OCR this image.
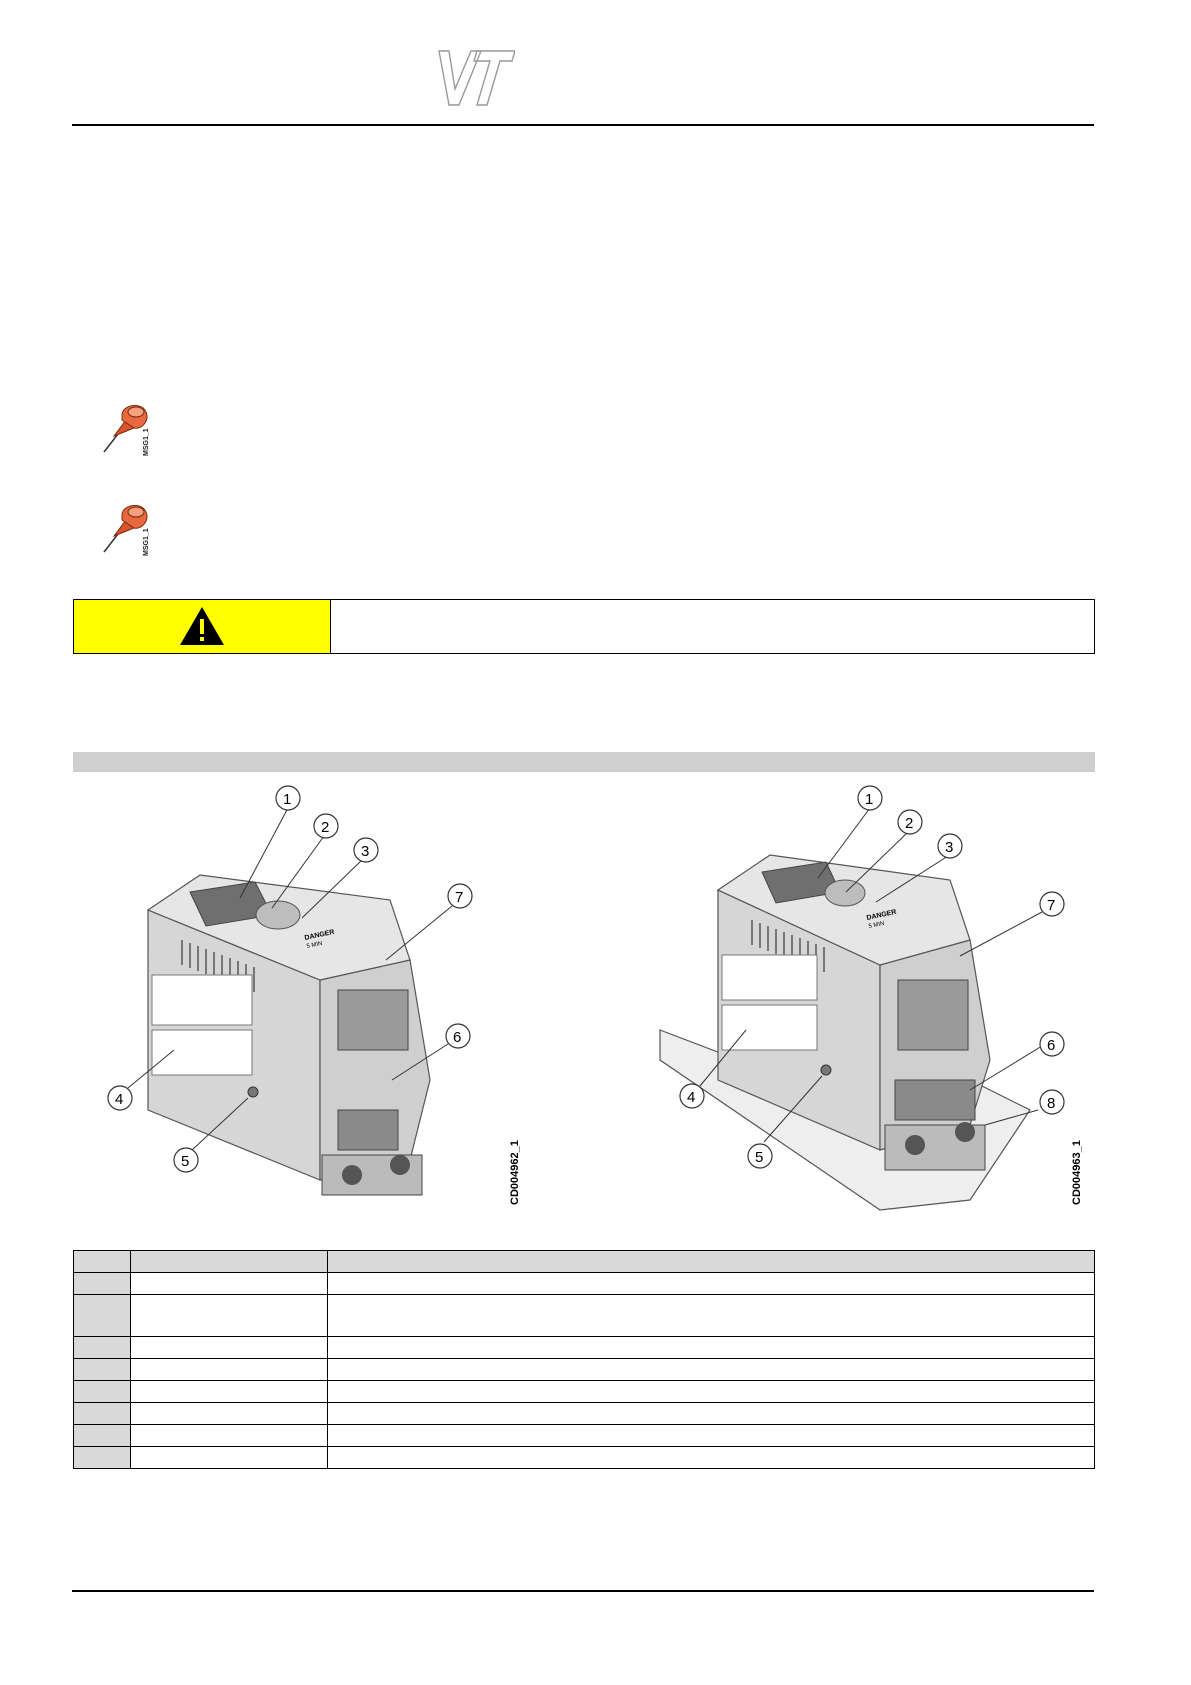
VT
MSG1_1
MSG1_1
DANGER
5 MIN
1
2
3
4
5
6
7
CD004962_1
DANGER
5 MIN
1
2
3
4
5
6
7
8
CD004963_1
